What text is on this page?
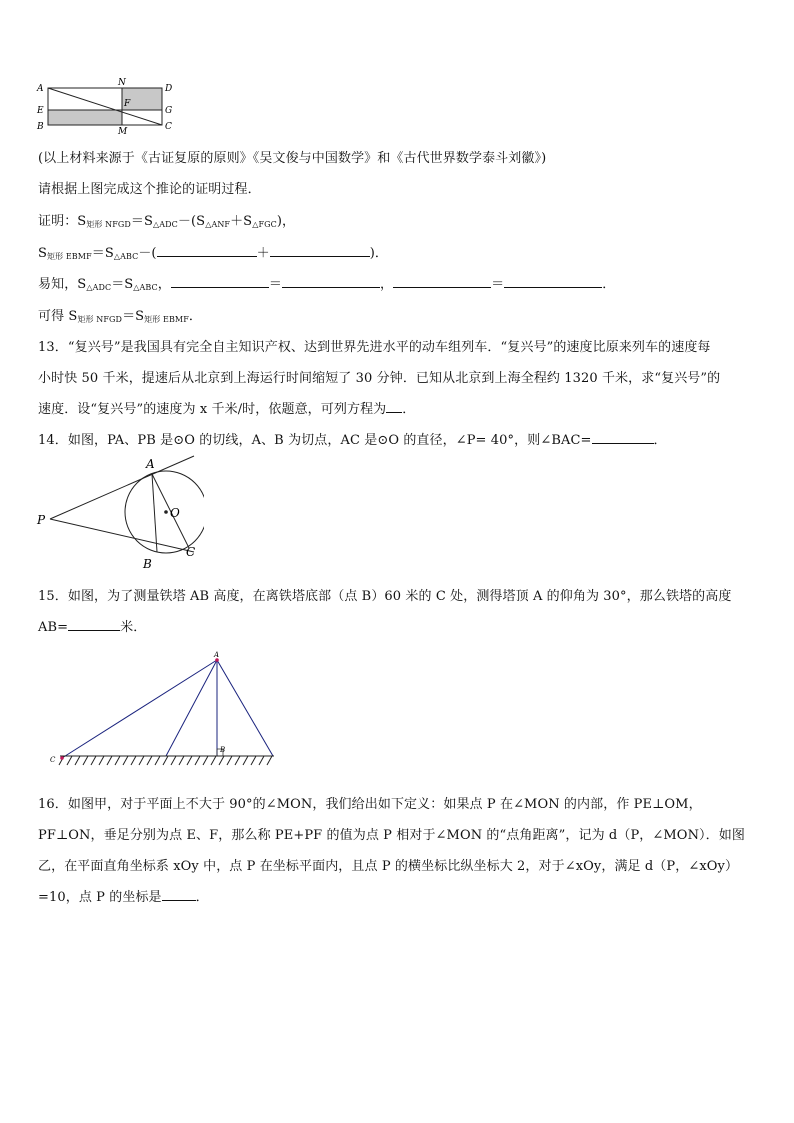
A
N
D
E
F
G
B	M	C
(以上材料来源于《古证复原的原则》《吴文俊与中国数学》和《古代世界数学泰斗刘徽》)
请根据上图完成这个推论的证明过程．
证明：$S_{矩形 NFGD}=S_{\triangle ADC}-(S_{\triangle ANF}+S_{\triangle FGC})$，
$S_{矩形 EBMF}=S_{\triangle ABC}-$(	＋	)．
易知，$S_{\triangle ADC}=S_{\triangle ABC}$，	＝	，	＝	．
可得 $S_{矩形 NFGD}=S_{矩形 EBMF}$．
13．“复兴号”是我国具有完全自主知识产权、达到世界先进水平的动车组列车．“复兴号”的速度比原来列车的速度每
小时快 50 千米，提速后从北京到上海运行时间缩短了 30 分钟．已知从北京到上海全程约 1320 千米，求“复兴号”的
速度．设“复兴号”的速度为 x 千米/时，依题意，可列方程为 ．
14．如图，PA、PB 是⊙O 的切线，A、B 为切点，AC 是⊙O 的直径，∠P= 40°，则∠BAC=	．
A
O
P
B
C
15．如图，为了测量铁塔 AB 高度，在离铁塔底部（点 B）60 米的 C 处，测得塔顶 A 的仰角为 30°，那么铁塔的高度
AB=	米．
A
B
C
16．如图甲，对于平面上不大于 90°的∠MON，我们给出如下定义：如果点 P 在∠MON 的内部，作 PE⊥OM，
PF⊥ON，垂足分别为点 E、F，那么称 PE+PF 的值为点 P 相对于∠MON 的“点角距离”，记为 d（P，∠MON）．如图
乙，在平面直角坐标系 xOy 中，点 P 在坐标平面内，且点 P 的横坐标比纵坐标大 2，对于∠xOy，满足 d（P，∠xOy）
=10，点 P 的坐标是	．
